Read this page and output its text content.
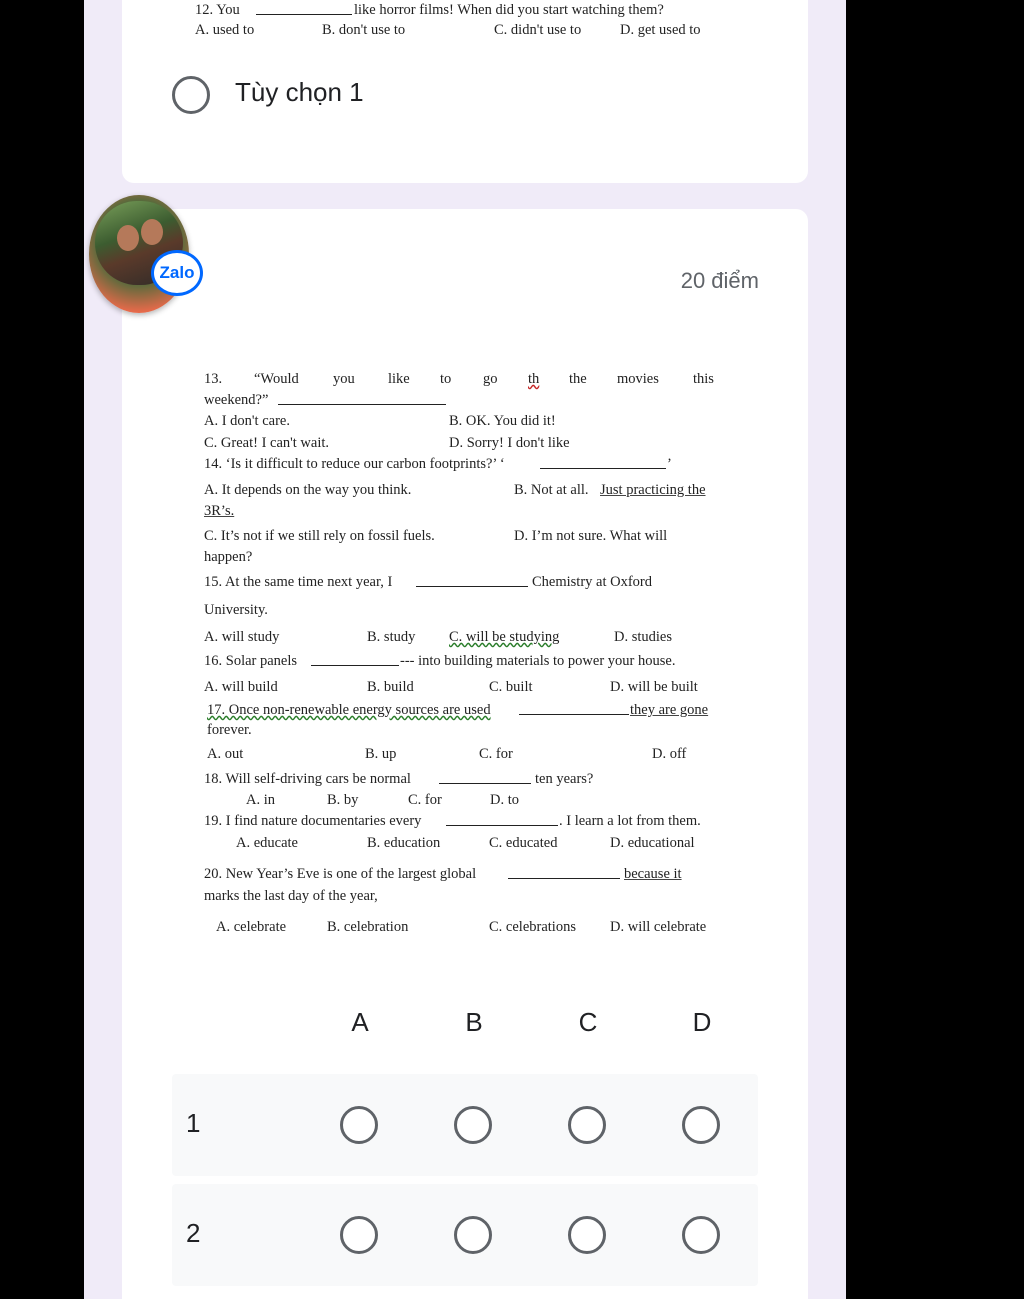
12. You	like horror films! When did you start watching them?
A. used to	B. don't use to	C. didn't use to	D. get used to
Tùy chọn 1
20 điểm
13. “Would you like to go th the movies this
weekend?”
A. I don't care.	B. OK. You did it!
C. Great! I can't wait.	D. Sorry! I don't like
14. ‘Is it difficult to reduce our carbon footprints?’ ‘	’
A. It depends on the way you think.	B. Not at all. Just practicing the
3R’s.
C. It’s not if we still rely on fossil fuels.	D. I’m not sure. What will
happen?
15. At the same time next year, I	Chemistry at Oxford
University.
A. will study	B. study C. will be studying	D. studies
16. Solar panels	--- into building materials to power your house.
A. will build	B. build	C. built	D. will be built
17. Once non-renewable energy sources are used	they are gone
forever.
A. out	B. up	C. for	D. off
18. Will self-driving cars be normal	ten years?
A. in	B. by	C. for	D. to
19. I find nature documentaries every	. I learn a lot from them.
A. educate	B. education	C. educated	D. educational
20. New Year’s Eve is one of the largest global	because it
marks the last day of the year,
A. celebrate	B. celebration	C. celebrations D. will celebrate
A	B	C	D
1
2
Zalo
